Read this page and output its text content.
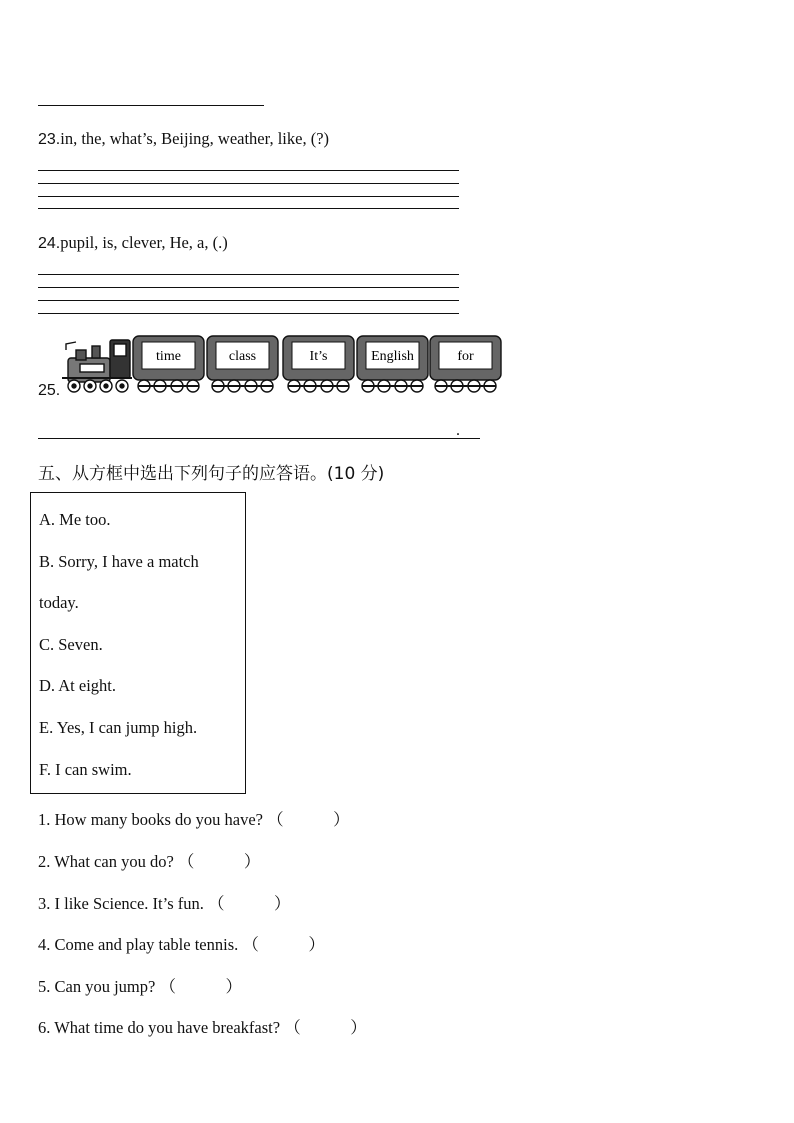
23.in, the, what’s, Beijing, weather, like, (?)
24.pupil, is, clever, He, a, (.)
25.
time	class	It’s	English	for
.
五、从方框中选出下列句子的应答语。(10 分)
A. Me too.
B. Sorry, I have a match
today.
C. Seven.
D. At eight.
E. Yes, I can jump high.
F. I can swim.
1. How many books do you have? （　　　）
2. What can you do? （　　　）
3. I like Science. It’s fun. （　　　）
4. Come and play table tennis. （　　　）
5. Can you jump? （　　　）
6. What time do you have breakfast? （　　　）
